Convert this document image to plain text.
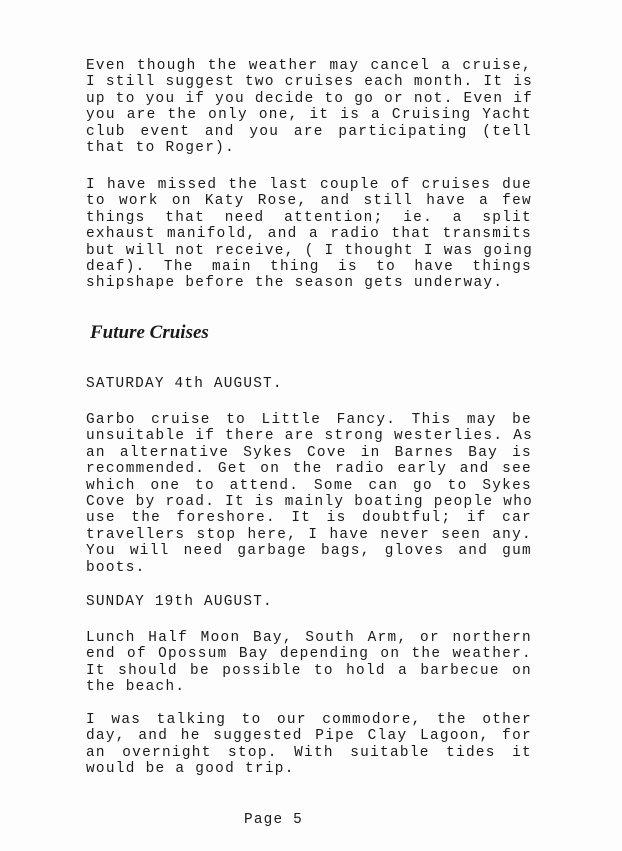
Even though the weather may cancel a cruise,
I still suggest two cruises each month. It is
up to you if you decide to go or not. Even if
you are the only one, it is a Cruising Yacht
club event and you are participating (tell
that to Roger).
I have missed the last couple of cruises due
to work on Katy Rose, and still have a few
things that need attention; ie. a split
exhaust manifold, and a radio that transmits
but will not receive, ( I thought I was going
deaf). The main thing is to have things
shipshape before the season gets underway.
Future Cruises

SATURDAY 4th AUGUST.

Garbo cruise to Little Fancy. This may be
unsuitable if there are strong westerlies. As
an alternative Sykes Cove in Barnes Bay is
recommended. Get on the radio early and see
which one to attend. Some can go to Sykes
Cove by road. It is mainly boating people who
use the foreshore. It is doubtful; if car
travellers stop here, I have never seen any.
You will need garbage bags, gloves and gum
boots.

SUNDAY 19th AUGUST.

Lunch Half Moon Bay, South Arm, or northern
end of Opossum Bay depending on the weather.
It should be possible to hold a barbecue on
the beach.
I was talking to our commodore, the other
day, and he suggested Pipe Clay Lagoon, for
an overnight stop. With suitable tides it
would be a good trip.

Page 5
